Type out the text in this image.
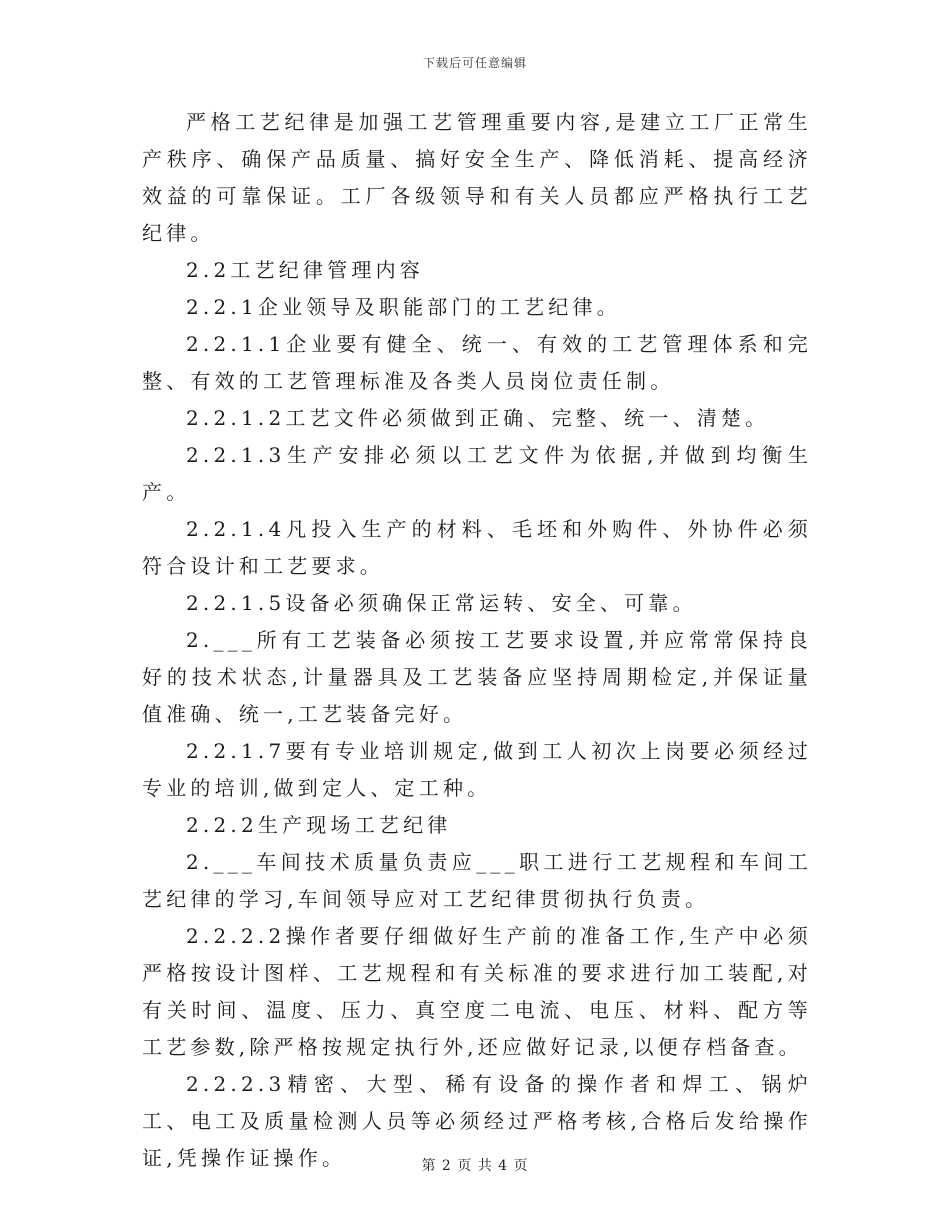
下载后可任意编辑

严格工艺纪律是加强工艺管理重要内容,是建立工厂正常生产秩序、确保产品质量、搞好安全生产、降低消耗、提高经济效益的可靠保证。工厂各级领导和有关人员都应严格执行工艺纪律。

2.2工艺纪律管理内容

2.2.1企业领导及职能部门的工艺纪律。

2.2.1.1企业要有健全、统一、有效的工艺管理体系和完整、有效的工艺管理标准及各类人员岗位责任制。

2.2.1.2工艺文件必须做到正确、完整、统一、清楚。

2.2.1.3生产安排必须以工艺文件为依据,并做到均衡生产。

2.2.1.4凡投入生产的材料、毛坯和外购件、外协件必须符合设计和工艺要求。

2.2.1.5设备必须确保正常运转、安全、可靠。

2.___所有工艺装备必须按工艺要求设置,并应常常保持良好的技术状态,计量器具及工艺装备应坚持周期检定,并保证量值准确、统一,工艺装备完好。

2.2.1.7要有专业培训规定,做到工人初次上岗要必须经过专业的培训,做到定人、定工种。

2.2.2生产现场工艺纪律

2.___车间技术质量负责应___职工进行工艺规程和车间工艺纪律的学习,车间领导应对工艺纪律贯彻执行负责。

2.2.2.2操作者要仔细做好生产前的准备工作,生产中必须严格按设计图样、工艺规程和有关标准的要求进行加工装配,对有关时间、温度、压力、真空度二电流、电压、材料、配方等工艺参数,除严格按规定执行外,还应做好记录,以便存档备查。

2.2.2.3精密、大型、稀有设备的操作者和焊工、锅炉工、电工及质量检测人员等必须经过严格考核,合格后发给操作证,凭操作证操作。	第 2 页 共 4 页
